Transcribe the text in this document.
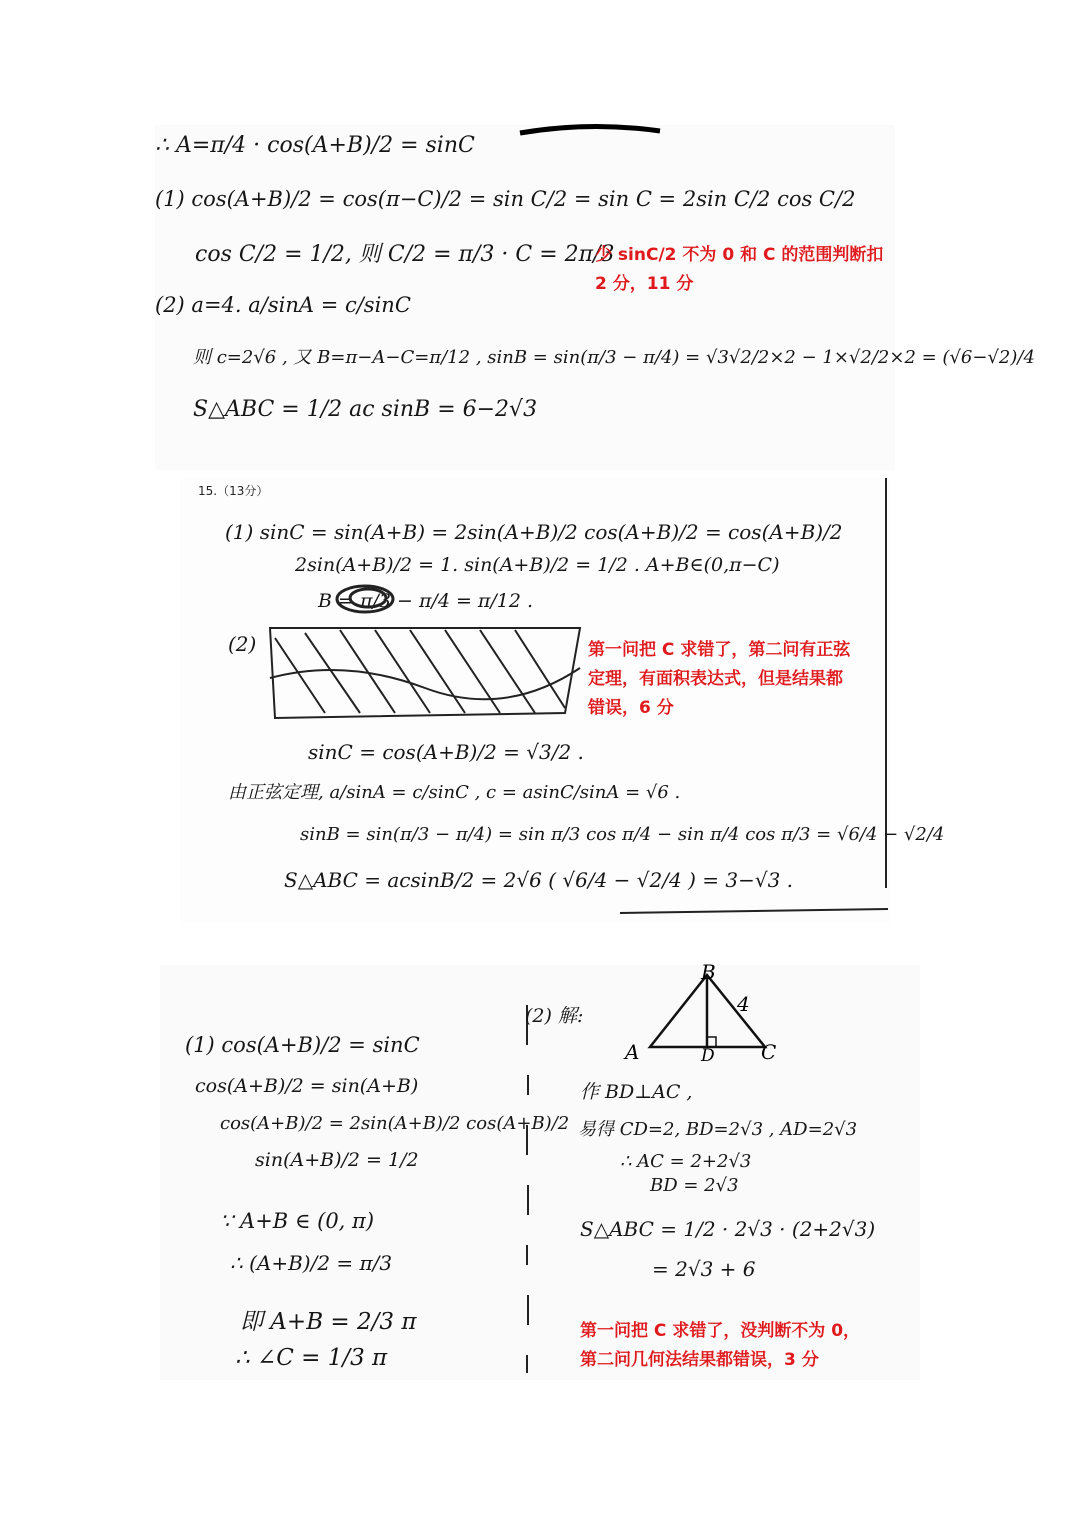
∴ A=π/4 · cos(A+B)/2 = sinC
(1) cos(A+B)/2 = cos(π−C)/2 = sin C/2 = sin C = 2sin C/2 cos C/2
cos C/2 = 1/2, 则 C/2 = π/3 · C = 2π/3
(2) a=4. a/sinA = c/sinC
则 c=2√6 , 又 B=π−A−C=π/12 , sinB = sin(π/3 − π/4) = √3√2/2×2 − 1×√2/2×2 = (√6−√2)/4
S△ABC = 1/2 ac sinB = 6−2√3
少 sinC/2 不为 0 和 C 的范围判断扣
2 分，11 分
15.（13分）
(1) sinC = sin(A+B) = 2sin(A+B)/2 cos(A+B)/2 = cos(A+B)/2
2sin(A+B)/2 = 1. sin(A+B)/2 = 1/2 . A+B∈(0,π−C)
B = π/3 − π/4 = π/12 .
(2)
sinC = cos(A+B)/2 = √3/2 .
由正弦定理, a/sinA = c/sinC , c = asinC/sinA = √6 .
sinB = sin(π/3 − π/4) = sin π/3 cos π/4 − sin π/4 cos π/3 = √6/4 − √2/4
S△ABC = acsinB/2 = 2√6 ( √6/4 − √2/4 ) = 3−√3 .
第一问把 C 求错了，第二问有正弦
定理，有面积表达式，但是结果都
错误，6 分
(1) cos(A+B)/2 = sinC
cos(A+B)/2 = sin(A+B)
cos(A+B)/2 = 2sin(A+B)/2 cos(A+B)/2
sin(A+B)/2 = 1/2
∵ A+B ∈ (0, π)
∴ (A+B)/2 = π/3
即 A+B = 2/3 π
∴ ∠C = 1/3 π
(2) 解:
作 BD⊥AC ,
易得 CD=2, BD=2√3 , AD=2√3
∴ AC = 2+2√3
BD = 2√3
S△ABC = 1/2 · 2√3 · (2+2√3)
= 2√3 + 6
B
4
A	D C
第一问把 C 求错了，没判断不为 0，
第二问几何法结果都错误，3 分
